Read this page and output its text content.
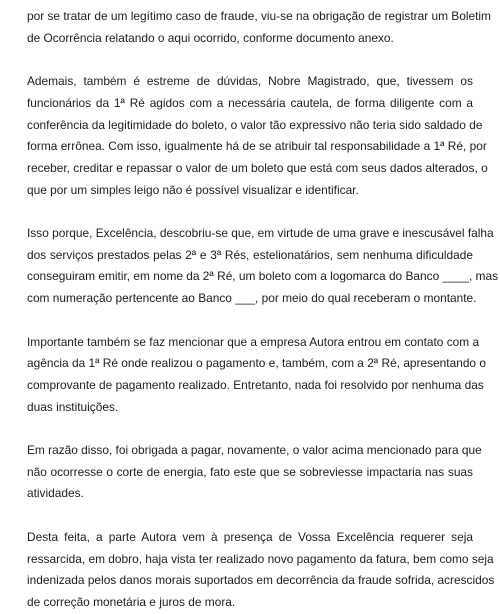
por se tratar de um legítimo caso de fraude, viu-se na obrigação de registrar um Boletim
de Ocorrência relatando o aqui ocorrido, conforme documento anexo.
Ademais, também é estreme de dúvidas, Nobre Magistrado, que, tivessem os
funcionários da 1ª Ré agidos com a necessária cautela, de forma diligente com a
conferência da legitimidade do boleto, o valor tão expressivo não teria sido saldado de
forma errônea. Com isso, igualmente há de se atribuir tal responsabilidade a 1ª Ré, por
receber, creditar e repassar o valor de um boleto que está com seus dados alterados, o
que por um simples leigo não é possível visualizar e identificar.
Isso porque, Excelência, descobriu-se que, em virtude de uma grave e inescusável falha
dos serviços prestados pelas 2ª e 3ª Rés, estelionatários, sem nenhuma dificuldade
conseguiram emitir, em nome da 2ª Ré, um boleto com a logomarca do Banco ____, mas
com numeração pertencente ao Banco ___, por meio do qual receberam o montante.
Importante também se faz mencionar que a empresa Autora entrou em contato com a
agência da 1ª Ré onde realizou o pagamento e, também, com a 2ª Ré, apresentando o
comprovante de pagamento realizado. Entretanto, nada foi resolvido por nenhuma das
duas instituições.
Em razão disso, foi obrigada a pagar, novamente, o valor acima mencionado para que
não ocorresse o corte de energia, fato este que se sobreviesse impactaria nas suas
atividades.
Desta feita, a parte Autora vem à presença de Vossa Excelência requerer seja
ressarcida, em dobro, haja vista ter realizado novo pagamento da fatura, bem como seja
indenizada pelos danos morais suportados em decorrência da fraude sofrida, acrescidos
de correção monetária e juros de mora.
